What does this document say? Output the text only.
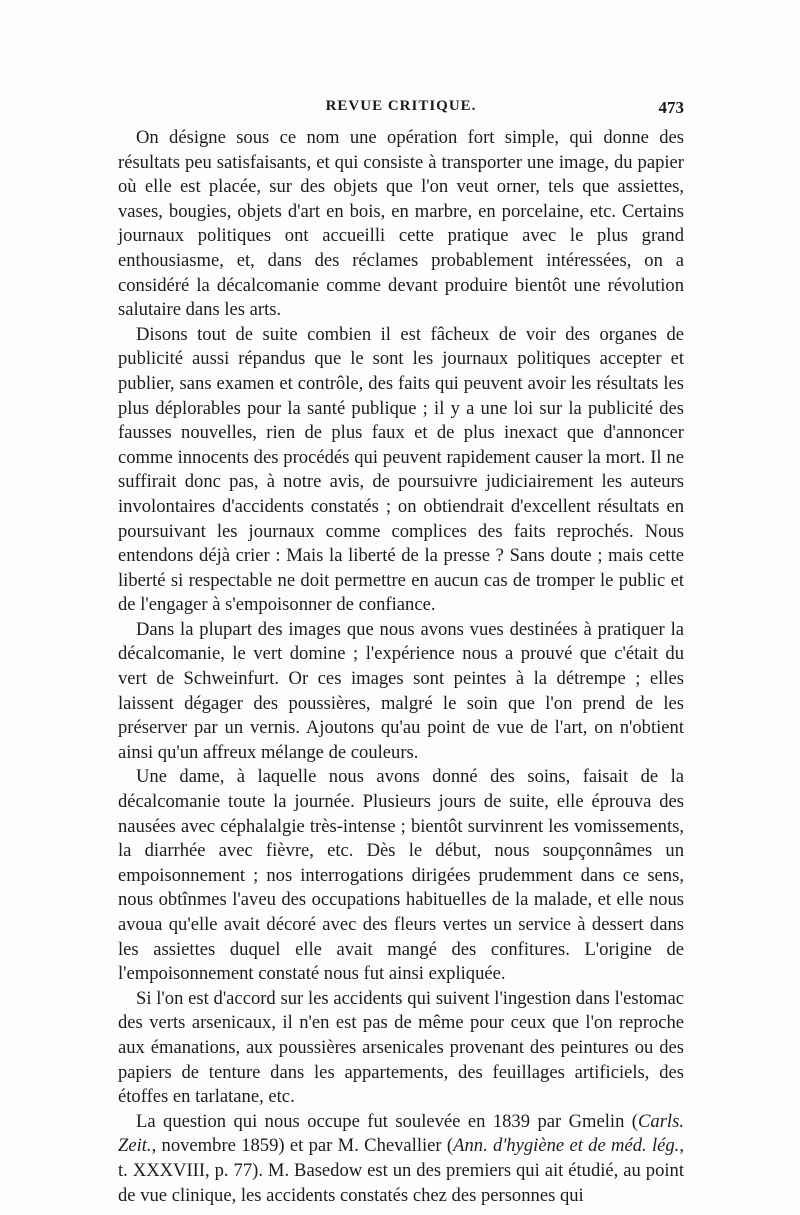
REVUE CRITIQUE.	473

On désigne sous ce nom une opération fort simple, qui donne des résultats peu satisfaisants, et qui consiste à transporter une image, du papier où elle est placée, sur des objets que l'on veut orner, tels que assiettes, vases, bougies, objets d'art en bois, en marbre, en porcelaine, etc. Certains journaux politiques ont accueilli cette pratique avec le plus grand enthousiasme, et, dans des réclames probablement intéressées, on a considéré la décalcomanie comme devant produire bientôt une révolution salutaire dans les arts.

Disons tout de suite combien il est fâcheux de voir des organes de publicité aussi répandus que le sont les journaux politiques accepter et publier, sans examen et contrôle, des faits qui peuvent avoir les résultats les plus déplorables pour la santé publique ; il y a une loi sur la publicité des fausses nouvelles, rien de plus faux et de plus inexact que d'annoncer comme innocents des procédés qui peuvent rapidement causer la mort. Il ne suffirait donc pas, à notre avis, de poursuivre judiciairement les auteurs involontaires d'accidents constatés ; on obtiendrait d'excellent résultats en poursuivant les journaux comme complices des faits reprochés. Nous entendons déjà crier : Mais la liberté de la presse ? Sans doute ; mais cette liberté si respectable ne doit permettre en aucun cas de tromper le public et de l'engager à s'empoisonner de confiance.

Dans la plupart des images que nous avons vues destinées à pratiquer la décalcomanie, le vert domine ; l'expérience nous a prouvé que c'était du vert de Schweinfurt. Or ces images sont peintes à la détrempe ; elles laissent dégager des poussières, malgré le soin que l'on prend de les préserver par un vernis. Ajoutons qu'au point de vue de l'art, on n'obtient ainsi qu'un affreux mélange de couleurs.

Une dame, à laquelle nous avons donné des soins, faisait de la décalcomanie toute la journée. Plusieurs jours de suite, elle éprouva des nausées avec céphalalgie très-intense ; bientôt survinrent les vomissements, la diarrhée avec fièvre, etc. Dès le début, nous soupçonnâmes un empoisonnement ; nos interrogations dirigées prudemment dans ce sens, nous obtînmes l'aveu des occupations habituelles de la malade, et elle nous avoua qu'elle avait décoré avec des fleurs vertes un service à dessert dans les assiettes duquel elle avait mangé des confitures. L'origine de l'empoisonnement constaté nous fut ainsi expliquée.

Si l'on est d'accord sur les accidents qui suivent l'ingestion dans l'estomac des verts arsenicaux, il n'en est pas de même pour ceux que l'on reproche aux émanations, aux poussières arsenicales provenant des peintures ou des papiers de tenture dans les appartements, des feuillages artificiels, des étoffes en tarlatane, etc.

La question qui nous occupe fut soulevée en 1839 par Gmelin (Carls. Zeit., novembre 1859) et par M. Chevallier (Ann. d'hygiène et de méd. lég., t. XXXVIII, p. 77). M. Basedow est un des premiers qui ait étudié, au point de vue clinique, les accidents constatés chez des personnes qui
